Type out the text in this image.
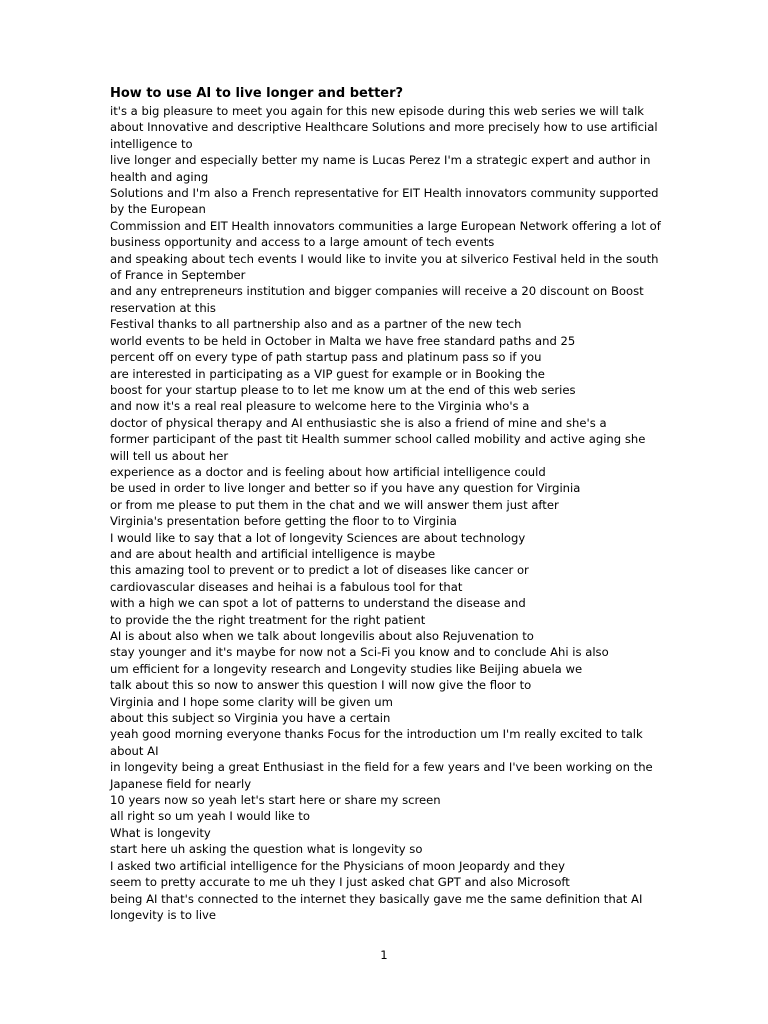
How to use AI to live longer and better?
it's a big pleasure to meet you again for this new episode during this web series we will talk
about Innovative and descriptive Healthcare Solutions and more precisely how to use artificial
intelligence to
live longer and especially better my name is Lucas Perez I'm a strategic expert and author in
health and aging
Solutions and I'm also a French representative for EIT Health innovators community supported
by the European
Commission and EIT Health innovators communities a large European Network offering a lot of
business opportunity and access to a large amount of tech events
and speaking about tech events I would like to invite you at silverico Festival held in the south
of France in September
and any entrepreneurs institution and bigger companies will receive a 20 discount on Boost
reservation at this
Festival thanks to all partnership also and as a partner of the new tech
world events to be held in October in Malta we have free standard paths and 25
percent off on every type of path startup pass and platinum pass so if you
are interested in participating as a VIP guest for example or in Booking the
boost for your startup please to to let me know um at the end of this web series
and now it's a real real pleasure to welcome here to the Virginia who's a
doctor of physical therapy and AI enthusiastic she is also a friend of mine and she's a
former participant of the past tit Health summer school called mobility and active aging she
will tell us about her
experience as a doctor and is feeling about how artificial intelligence could
be used in order to live longer and better so if you have any question for Virginia
or from me please to put them in the chat and we will answer them just after
Virginia's presentation before getting the floor to to Virginia
I would like to say that a lot of longevity Sciences are about technology
and are about health and artificial intelligence is maybe
this amazing tool to prevent or to predict a lot of diseases like cancer or
cardiovascular diseases and heihai is a fabulous tool for that
with a high we can spot a lot of patterns to understand the disease and
to provide the the right treatment for the right patient
AI is about also when we talk about longevilis about also Rejuvenation to
stay younger and it's maybe for now not a Sci-Fi you know and to conclude Ahi is also
um efficient for a longevity research and Longevity studies like Beijing abuela we
talk about this so now to answer this question I will now give the floor to
Virginia and I hope some clarity will be given um
about this subject so Virginia you have a certain
yeah good morning everyone thanks Focus for the introduction um I'm really excited to talk
about AI
in longevity being a great Enthusiast in the field for a few years and I've been working on the
Japanese field for nearly
10 years now so yeah let's start here or share my screen
all right so um yeah I would like to
What is longevity
start here uh asking the question what is longevity so
I asked two artificial intelligence for the Physicians of moon Jeopardy and they
seem to pretty accurate to me uh they I just asked chat GPT and also Microsoft
being AI that's connected to the internet they basically gave me the same definition that AI
longevity is to live
1
